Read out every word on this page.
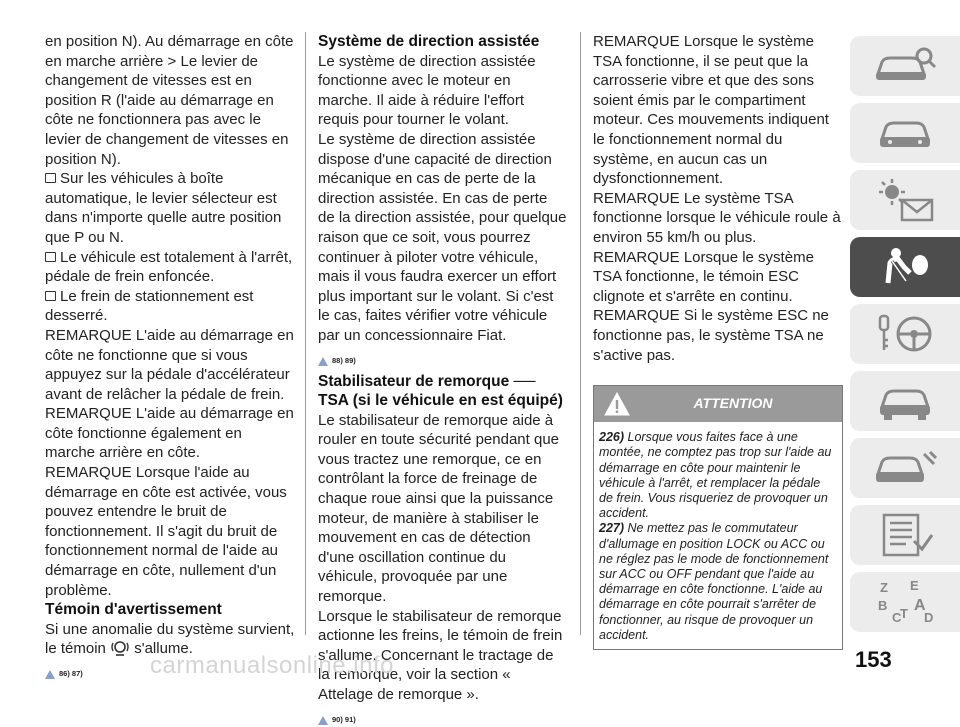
en position N). Au démarrage en côte en marche arrière > Le levier de changement de vitesses est en position R (l'aide au démarrage en côte ne fonctionnera pas avec le levier de changement de vitesses en position N).

Sur les véhicules à boîte automatique, le levier sélecteur est dans n'importe quelle autre position que P ou N.

Le véhicule est totalement à l'arrêt, pédale de frein enfoncée.

Le frein de stationnement est desserré.

REMARQUE L'aide au démarrage en côte ne fonctionne que si vous appuyez sur la pédale d'accélérateur avant de relâcher la pédale de frein.

REMARQUE L'aide au démarrage en côte fonctionne également en marche arrière en côte.

REMARQUE Lorsque l'aide au démarrage en côte est activée, vous pouvez entendre le bruit de fonctionnement. Il s'agit du bruit de fonctionnement normal de l'aide au démarrage en côte, nullement d'un problème.

Témoin d'avertissement

Si une anomalie du système survient, le témoin s'allume.

86) 87)

Système de direction assistée

Le système de direction assistée fonctionne avec le moteur en marche. Il aide à réduire l'effort requis pour tourner le volant.

Le système de direction assistée dispose d'une capacité de direction mécanique en cas de perte de la direction assistée. En cas de perte de la direction assistée, pour quelque raison que ce soit, vous pourrez continuer à piloter votre véhicule, mais il vous faudra exercer un effort plus important sur le volant. Si c'est le cas, faites vérifier votre véhicule par un concessionnaire Fiat.

88) 89)

Stabilisateur de remorque ── TSA (si le véhicule en est équipé)

Le stabilisateur de remorque aide à rouler en toute sécurité pendant que vous tractez une remorque, ce en contrôlant la force de freinage de chaque roue ainsi que la puissance moteur, de manière à stabiliser le mouvement en cas de détection d'une oscillation continue du véhicule, provoquée par une remorque.

Lorsque le stabilisateur de remorque actionne les freins, le témoin de frein s'allume. Concernant le tractage de la remorque, voir la section « Attelage de remorque ».

90) 91)

REMARQUE Lorsque le système TSA fonctionne, il se peut que la carrosserie vibre et que des sons soient émis par le compartiment moteur. Ces mouvements indiquent le fonctionnement normal du système, en aucun cas un dysfonctionnement.

REMARQUE Le système TSA fonctionne lorsque le véhicule roule à environ 55 km/h ou plus.

REMARQUE Lorsque le système TSA fonctionne, le témoin ESC clignote et s'arrête en continu.

REMARQUE Si le système ESC ne fonctionne pas, le système TSA ne s'active pas.

ATTENTION
226) Lorsque vous faites face à une montée, ne comptez pas trop sur l'aide au démarrage en côte pour maintenir le véhicule à l'arrêt, et remplacer la pédale de frein. Vous risqueriez de provoquer un accident.
227) Ne mettez pas le commutateur d'allumage en position LOCK ou ACC ou ne réglez pas le mode de fonctionnement sur ACC ou OFF pendant que l'aide au démarrage en côte fonctionne. L'aide au démarrage en côte pourrait s'arrêter de fonctionner, au risque de provoquer un accident.
Z E
B A
C
T D
153
carmanualsonline.info
